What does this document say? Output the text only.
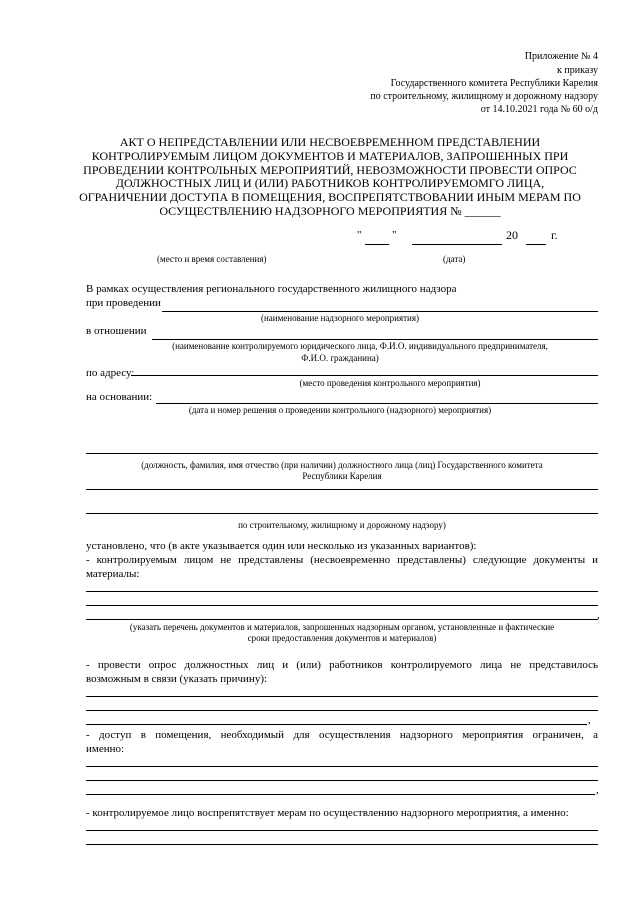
Приложение № 4
к приказу
Государственного комитета Республики Карелия
по строительному, жилищному и дорожному надзору
от 14.10.2021 года № 60 о/д
АКТ О НЕПРЕДСТАВЛЕНИИ ИЛИ НЕСВОЕВРЕМЕННОМ ПРЕДСТАВЛЕНИИ
КОНТРОЛИРУЕМЫМ ЛИЦОМ ДОКУМЕНТОВ И МАТЕРИАЛОВ, ЗАПРОШЕННЫХ ПРИ
ПРОВЕДЕНИИ КОНТРОЛЬНЫХ МЕРОПРИЯТИЙ, НЕВОЗМОЖНОСТИ ПРОВЕСТИ ОПРОС
ДОЛЖНОСТНЫХ ЛИЦ И (ИЛИ) РАБОТНИКОВ КОНТРОЛИРУЕМОМГО ЛИЦА,
ОГРАНИЧЕНИИ ДОСТУПА В ПОМЕЩЕНИЯ, ВОСПРЕПЯТСТВОВАНИИ ИНЫМ МЕРАМ ПО
ОСУЩЕСТВЛЕНИЮ НАДЗОРНОГО МЕРОПРИЯТИЯ № ______
"	"	20	г.
(место и время составления)	(дата)
В рамках осуществления регионального государственного жилищного надзора
при проведении
(наименование надзорного мероприятия)
в отношении
(наименование контролируемого юридического лица, Ф.И.О. индивидуального предпринимателя,
Ф.И.О. гражданина)
по адресу:
(место проведения контрольного мероприятия)
на основании:
(дата и номер решения о проведении контрольного (надзорного) мероприятия)
(должность, фамилия, имя отчество (при наличии) должностного лица (лиц) Государственного комитета
Республики Карелия
по строительному, жилищному и дорожному надзору)
установлено, что (в акте указывается один или несколько из указанных вариантов):
- контролируемым лицом не представлены (несвоевременно представлены) следующие документы и
материалы:
,
(указать перечень документов и материалов, запрошенных надзорным органом, установленные и фактические
сроки предоставления документов и материалов)
- провести опрос должностных лиц и (или) работников контролируемого лица не представилось
возможным в связи (указать причину):
,
- доступ в помещения, необходимый для осуществления надзорного мероприятия ограничен, а
именно:
,
- контролируемое лицо воспрепятствует мерам по осуществлению надзорного мероприятия, а именно:
